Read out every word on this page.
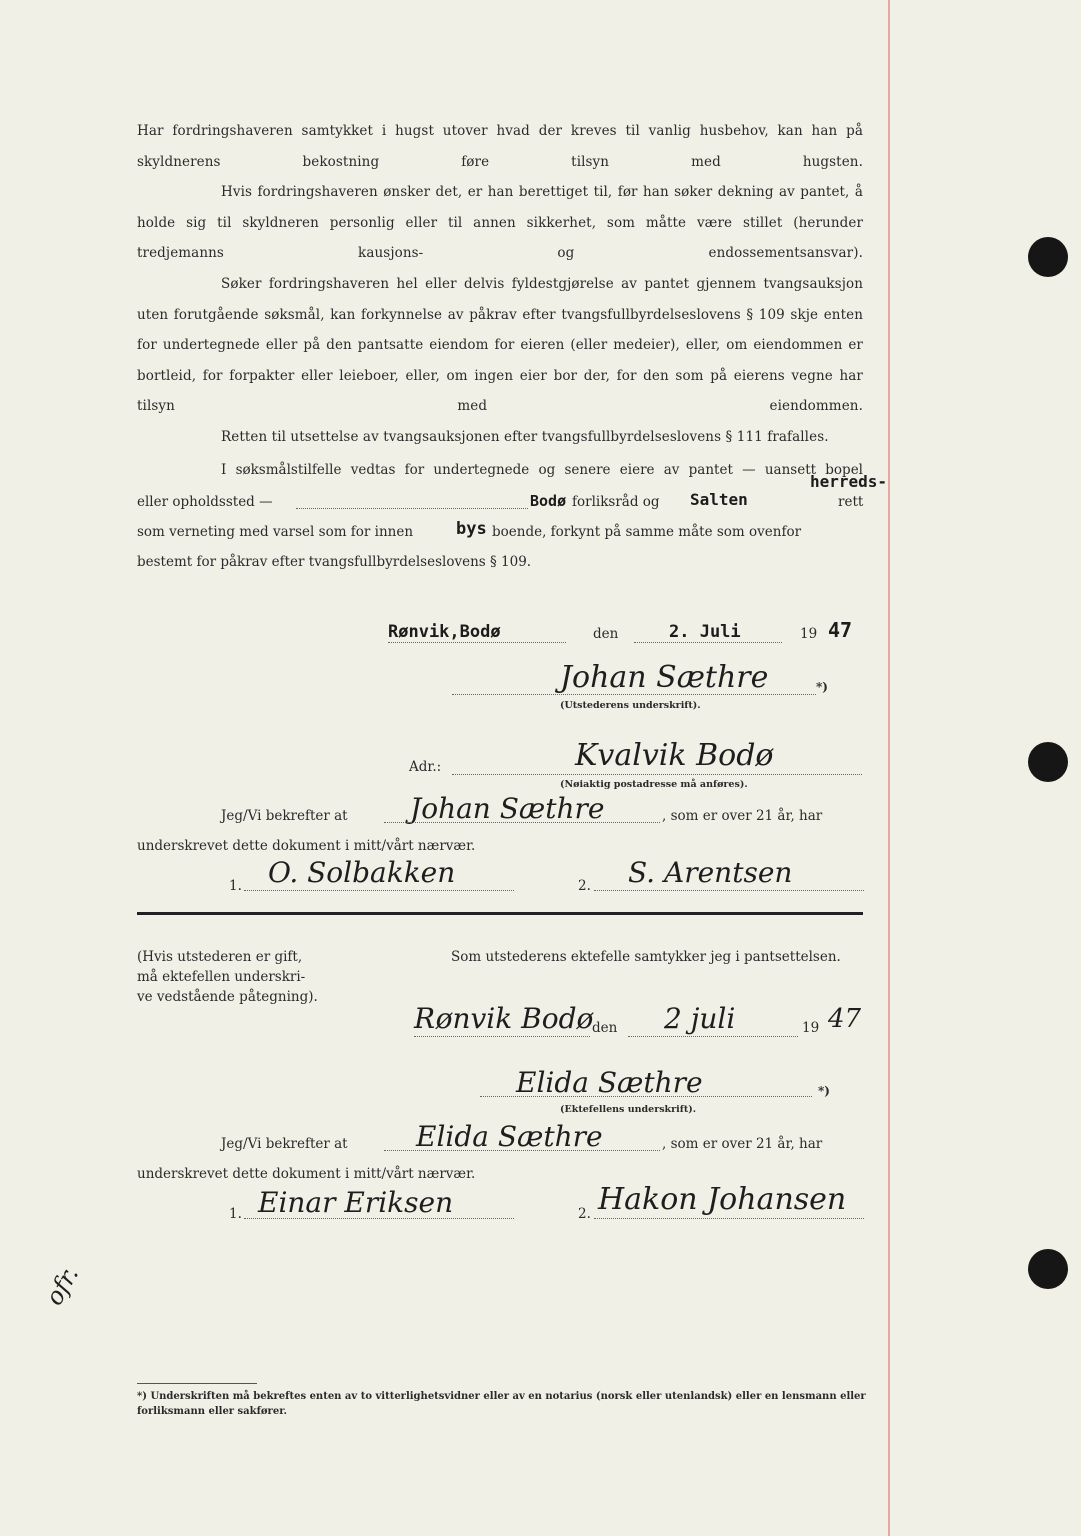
Har fordringshaveren samtykket i hugst utover hvad der kreves til vanlig husbehov, kan han på skyldnerens bekostning føre tilsyn med hugsten.
Hvis fordringshaveren ønsker det, er han berettiget til, før han søker dekning av pantet, å holde sig til skyldneren personlig eller til annen sikkerhet, som måtte være stillet (herunder tredjemanns kausjons- og endossementsansvar).
Søker fordringshaveren hel eller delvis fyldestgjørelse av pantet gjennem tvangsauksjon uten forutgående søksmål, kan forkynnelse av påkrav efter tvangsfullbyrdelseslovens § 109 skje enten for undertegnede eller på den pantsatte eiendom for eieren (eller medeier), eller, om eiendommen er bortleid, for forpakter eller leieboer, eller, om ingen eier bor der, for den som på eierens vegne har tilsyn med eiendommen.
Retten til utsettelse av tvangsauksjonen efter tvangsfullbyrdelseslovens § 111 frafalles.
I søksmålstilfelle vedtas for undertegnede og senere eiere av pantet — uansett bopel
eller opholdssted —	Bodø forliksråd og Salten
herreds-
rett
som verneting med varsel som for innen	bys boende, forkynt på samme måte som ovenfor
bestemt for påkrav efter tvangsfullbyrdelseslovens § 109.
Rønvik,Bodø	den	2. Juli	19 47
Johan Sæthre	*)
(Utstederens underskrift).
Adr.:	Kvalvik Bodø
(Nøiaktig postadresse må anføres).
Jeg/Vi bekrefter at Johan Sæthre	, som er over 21 år, har
underskrevet dette dokument i mitt/vårt nærvær.
1. O. Solbakken	2. S. Arentsen
(Hvis utstederen er gift,
må ektefellen underskri-
ve vedstående påtegning).
Som utstederens ektefelle samtykker jeg i pantsettelsen.
Rønvik Bodø
den 2 juli	19 47
Elida Sæthre	*)
(Ektefellens underskrift).
Jeg/Vi bekrefter at Elida Sæthre	, som er over 21 år, har
underskrevet dette dokument i mitt/vårt nærvær.
1. Einar Eriksen	2. Hakon Johansen
ofr.
*) Underskriften må bekreftes enten av to vitterlighetsvidner eller av en notarius (norsk eller utenlandsk) eller en lensmann eller forliksmann eller sakfører.
